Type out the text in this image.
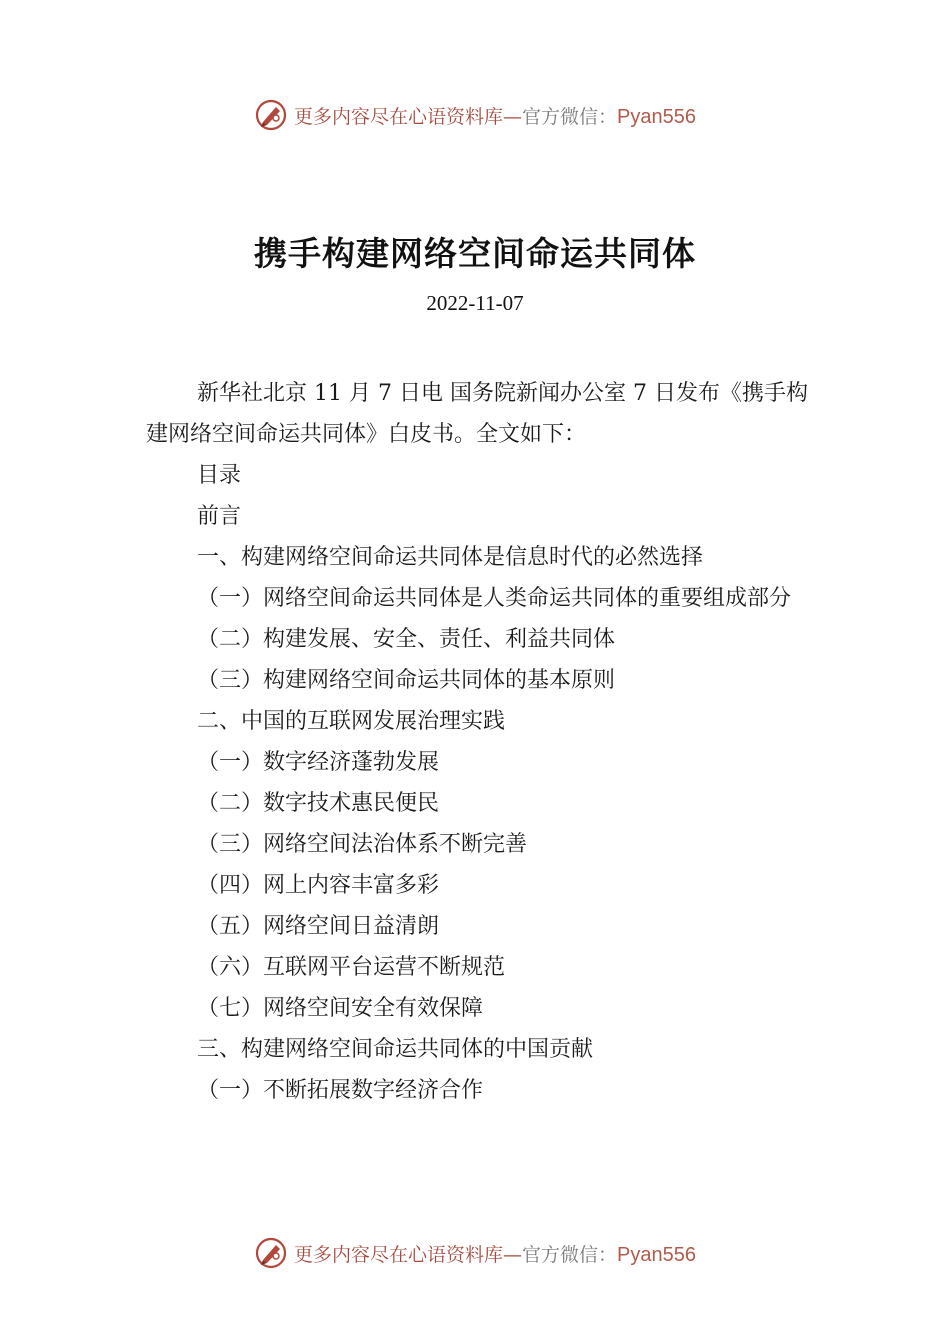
更多内容尽在心语资料库—官方微信：Pyan556
携手构建网络空间命运共同体
2022-11-07
新华社北京 11 月 7 日电 国务院新闻办公室 7 日发布《携手构建网络空间命运共同体》白皮书。全文如下：
目录
前言
一、构建网络空间命运共同体是信息时代的必然选择
（一）网络空间命运共同体是人类命运共同体的重要组成部分
（二）构建发展、安全、责任、利益共同体
（三）构建网络空间命运共同体的基本原则
二、中国的互联网发展治理实践
（一）数字经济蓬勃发展
（二）数字技术惠民便民
（三）网络空间法治体系不断完善
（四）网上内容丰富多彩
（五）网络空间日益清朗
（六）互联网平台运营不断规范
（七）网络空间安全有效保障
三、构建网络空间命运共同体的中国贡献
（一）不断拓展数字经济合作
更多内容尽在心语资料库—官方微信：Pyan556
